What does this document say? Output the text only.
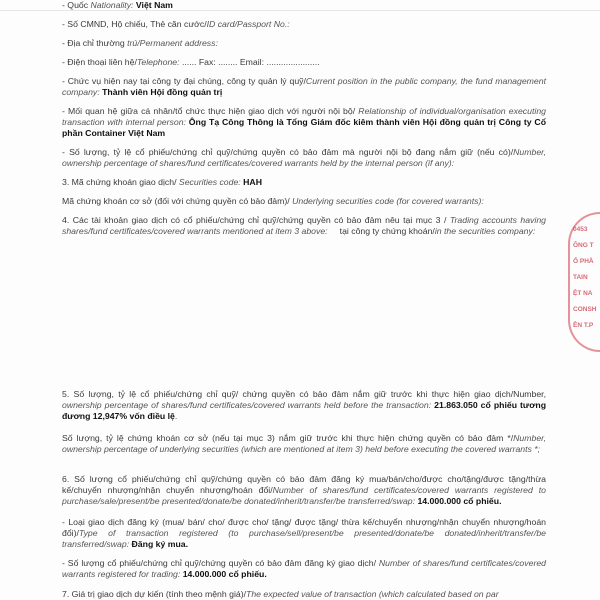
- Quốc Nationality: Việt Nam
- Số CMND, Hộ chiếu, Thẻ căn cước/ID card/Passport No.:
- Địa chỉ thường trú/Permanent address:
- Điện thoại liên hệ/Telephone: ...... Fax: ........ Email: ......................
- Chức vụ hiện nay tại công ty đại chúng, công ty quản lý quỹ/Current position in the public company, the fund management company: Thành viên Hội đồng quản trị
- Mối quan hệ giữa cá nhân/tổ chức thực hiện giao dịch với người nội bộ/ Relationship of individual/organisation executing transaction with internal person: Ông Tạ Công Thông là Tổng Giám đốc kiêm thành viên Hội đồng quản trị Công ty Cổ phần Container Việt Nam
- Số lượng, tỷ lệ cổ phiếu/chứng chỉ quỹ/chứng quyền có bảo đảm mà người nội bộ đang nắm giữ (nếu có)/Number, ownership percentage of shares/fund certificates/covered warrants held by the internal person (if any):
3. Mã chứng khoán giao dịch/ Securities code: HAH
Mã chứng khoán cơ sở (đối với chứng quyền có bảo đảm)/ Underlying securities code (for covered warrants):
4. Các tài khoản giao dịch có cổ phiếu/chứng chỉ quỹ/chứng quyền có bảo đảm nêu tại mục 3 / Trading accounts having shares/fund certificates/covered warrants mentioned at item 3 above:     tại công ty chứng khoán/in the securities company:
5. Số lượng, tỷ lệ cổ phiếu/chứng chỉ quỹ/ chứng quyền có bảo đảm nắm giữ trước khi thực hiện giao dịch/Number, ownership percentage of shares/fund certificates/covered warrants held before the transaction: 21.863.050 cổ phiếu tương đương 12,947% vốn điều lệ.
Số lượng, tỷ lệ chứng khoán cơ sở (nếu tại mục 3) nắm giữ trước khi thực hiện chứng quyền có bảo đảm */Number, ownership percentage of underlying securities (which are mentioned at item 3) held before executing the covered warrants *;
6. Số lượng cổ phiếu/chứng chỉ quỹ/chứng quyền có bảo đảm đăng ký mua/bán/cho/được cho/tặng/được tặng/thừa kế/chuyển nhượng/nhận chuyển nhượng/hoán đổi/Number of shares/fund certificates/covered warrants registered to purchase/sale/present/be presented/donate/be donated/inherit/transfer/be transferred/swap: 14.000.000 cổ phiếu.
- Loại giao dịch đăng ký (mua/ bán/ cho/ được cho/ tặng/ được tặng/ thừa kế/chuyển nhượng/nhận chuyển nhượng/hoán đổi)/Type of transaction registered (to purchase/sell/present/be presented/donate/be donated/inherit/transfer/be transferred/swap: Đăng ký mua.
- Số lượng cổ phiếu/chứng chỉ quỹ/chứng quyền có bảo đảm đăng ký giao dịch/ Number of shares/fund certificates/covered warrants registered for trading: 14.000.000 cổ phiếu.
7. Giá trị giao dịch dự kiến (tính theo mệnh giá)/The expected value of transaction (which calculated based on par
0453
ÔNG T
Ổ PHẦ
TAIN
ỆT NA
CONSH
ÊN T.P
